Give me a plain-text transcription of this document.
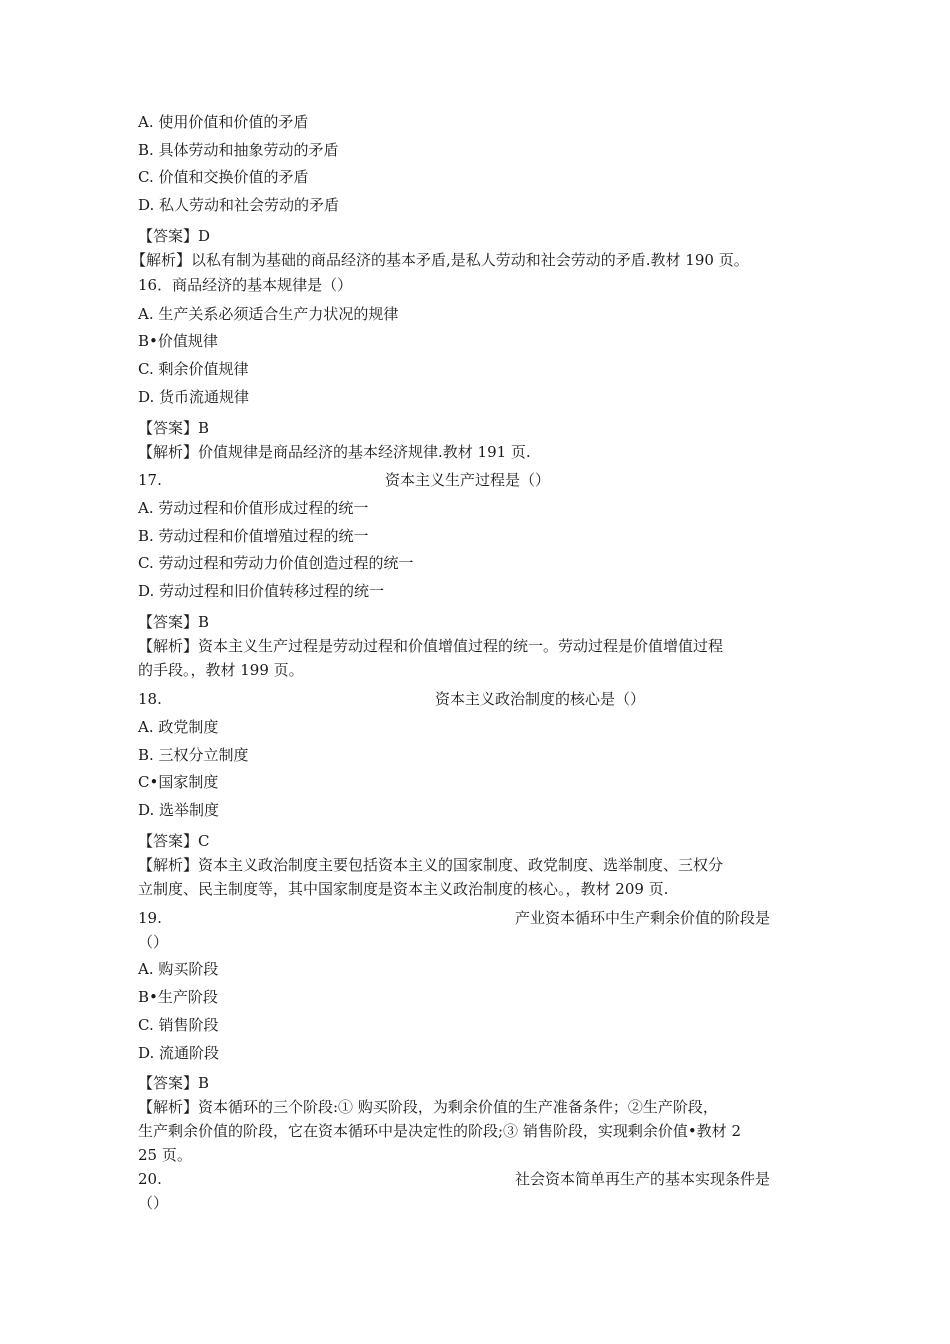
A. 使用价值和价值的矛盾
B. 具体劳动和抽象劳动的矛盾
C. 价值和交换价值的矛盾
D. 私人劳动和社会劳动的矛盾
【答案】D
【解析】以私有制为基础的商品经济的基本矛盾,是私人劳动和社会劳动的矛盾.教材 190 页。
16．商品经济的基本规律是（）
A. 生产关系必须适合生产力状况的规律
B•价值规律
C. 剩余价值规律
D. 货币流通规律
【答案】B
【解析】价值规律是商品经济的基本经济规律.教材 191 页.
17.	资本主义生产过程是（）
A. 劳动过程和价值形成过程的统一
B. 劳动过程和价值增殖过程的统一
C. 劳动过程和劳动力价值创造过程的统一
D. 劳动过程和旧价值转移过程的统一
【答案】B
【解析】资本主义生产过程是劳动过程和价值增值过程的统一。劳动过程是价值增值过程
的手段。，教材 199 页。
18.	资本主义政治制度的核心是（）
A. 政党制度
B. 三权分立制度
C•国家制度
D. 选举制度
【答案】C
【解析】资本主义政治制度主要包括资本主义的国家制度、政党制度、选举制度、三权分
立制度、民主制度等，其中国家制度是资本主义政治制度的核心。，教材 209 页.
19.	产业资本循环中生产剩余价值的阶段是
（）
A. 购买阶段
B•生产阶段
C. 销售阶段
D. 流通阶段
【答案】B
【解析】资本循环的三个阶段:① 购买阶段，为剩余价值的生产准备条件；②生产阶段，
生产剩余价值的阶段，它在资本循环中是决定性的阶段;③ 销售阶段，实现剩余价值•教材 2
25 页。
20.	社会资本简单再生产的基本实现条件是
（）
